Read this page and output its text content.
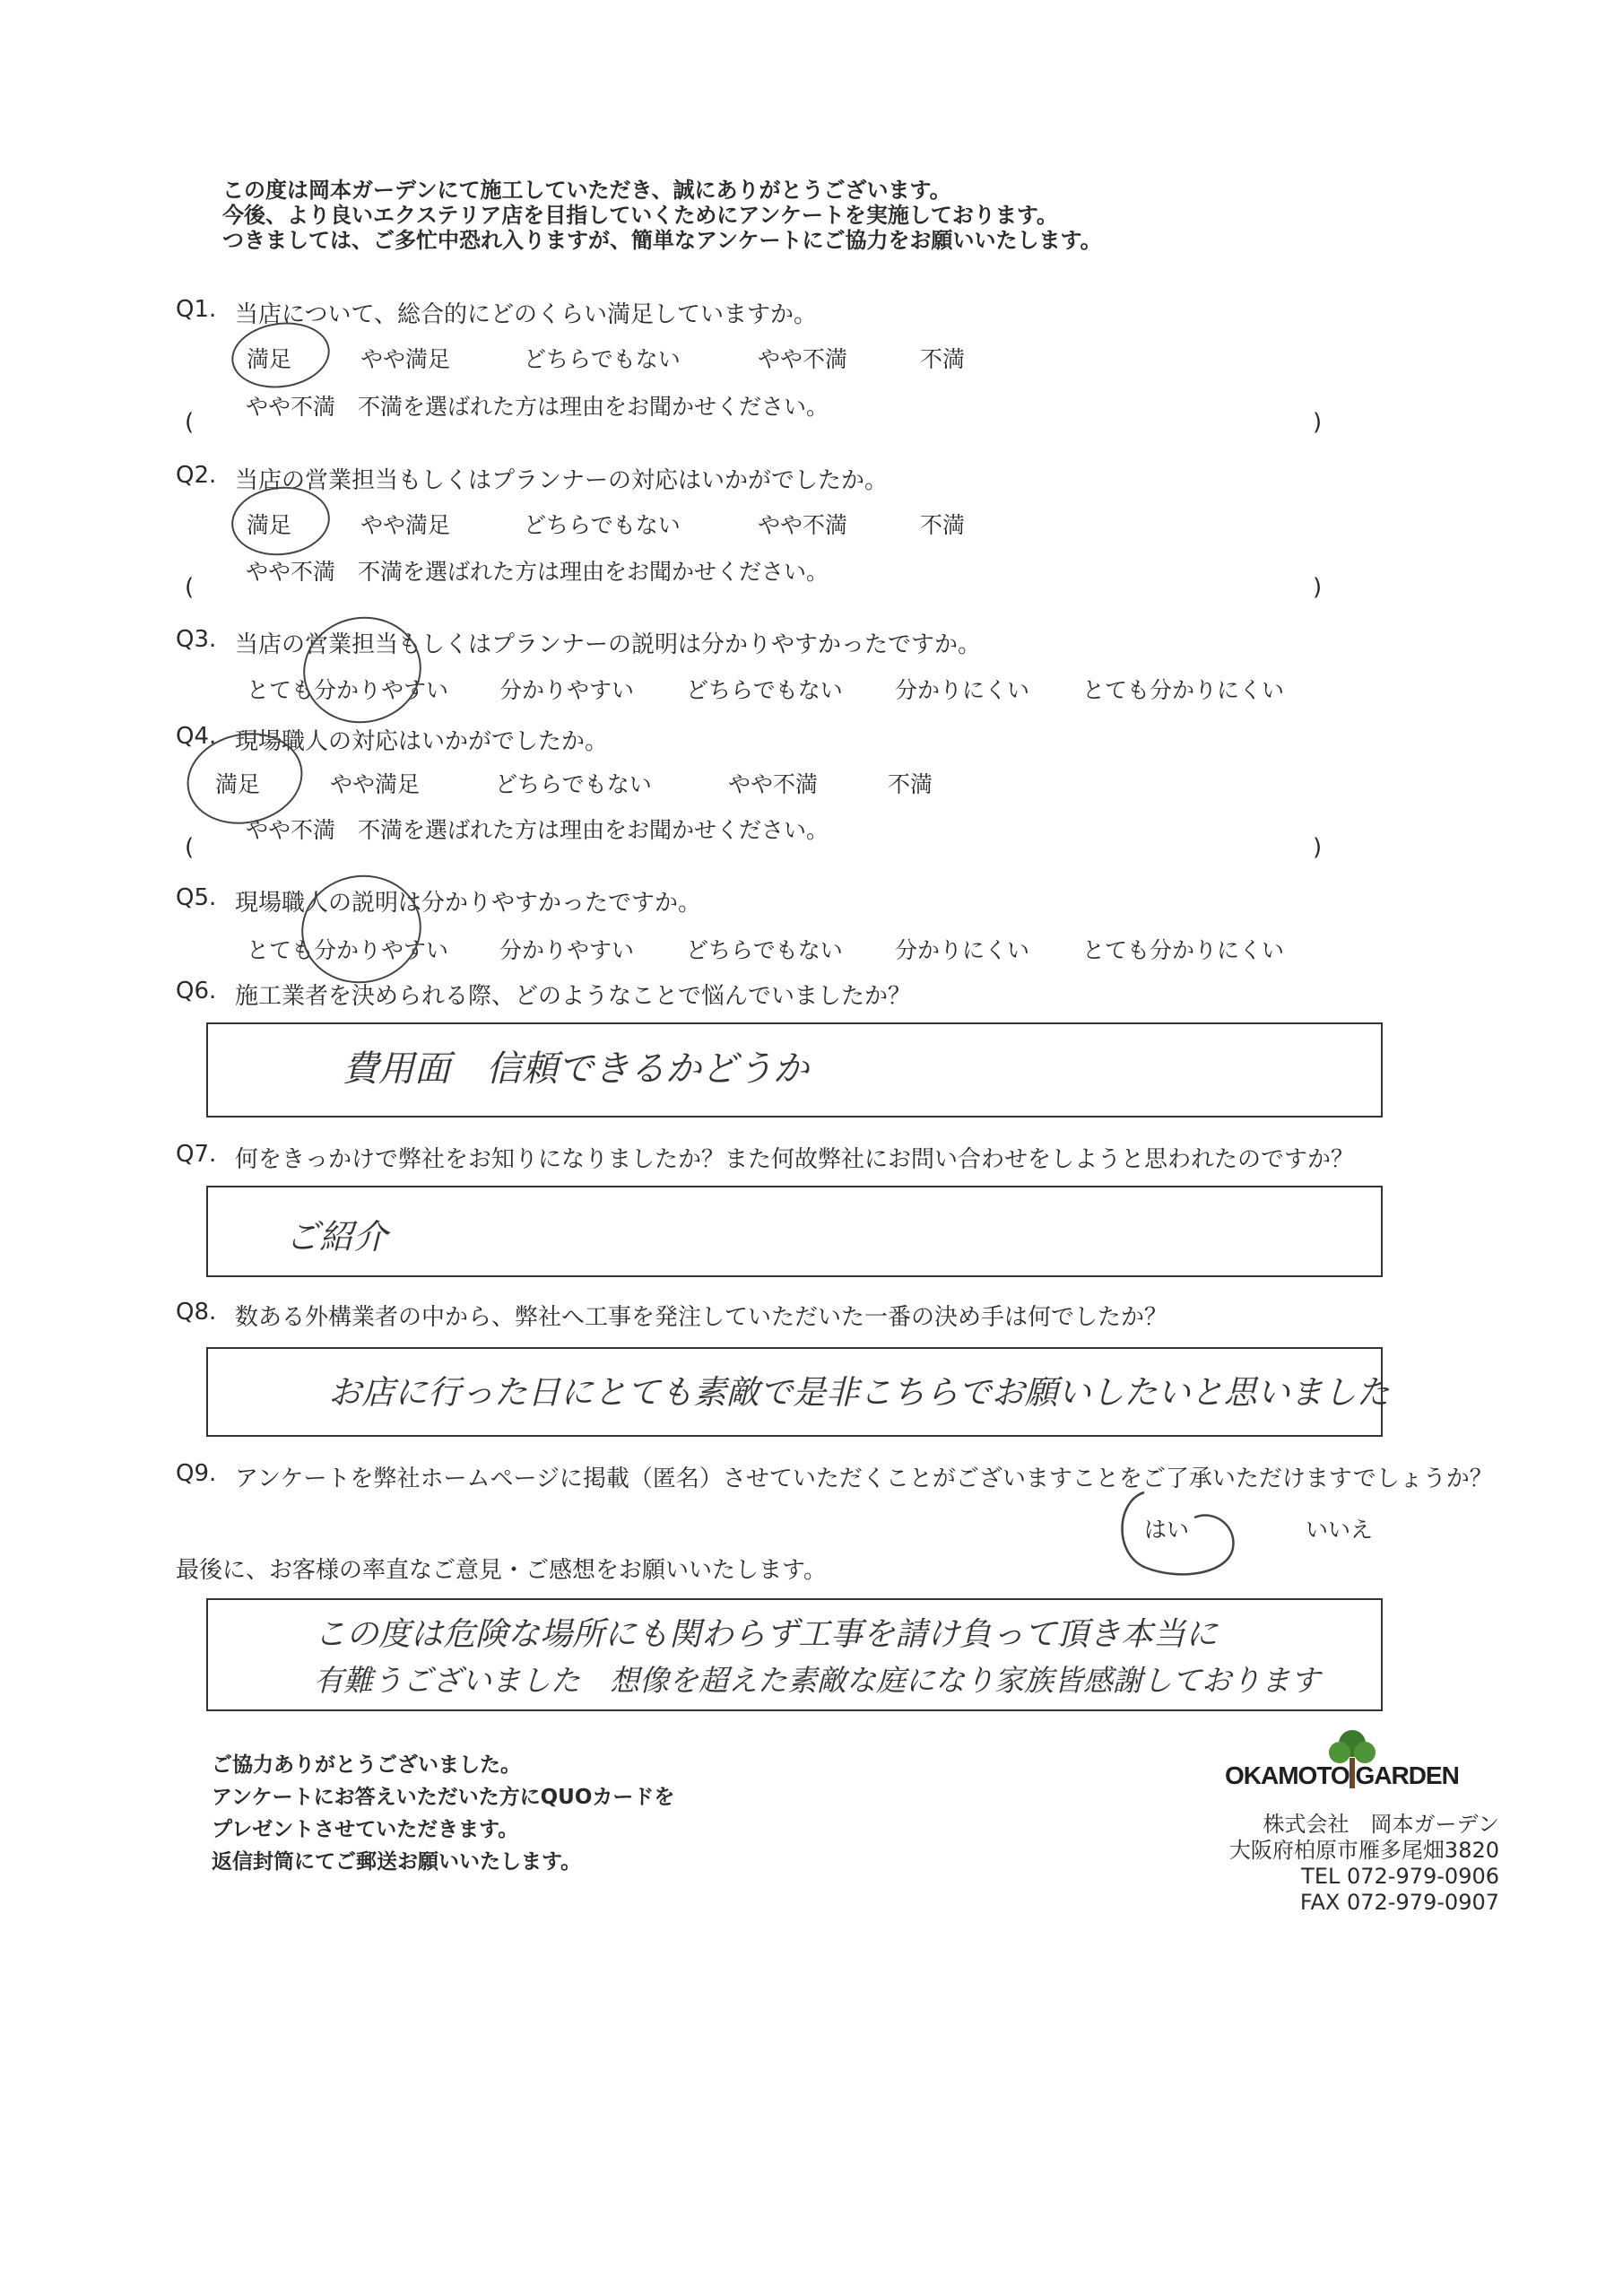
この度は岡本ガーデンにて施工していただき、誠にありがとうございます。
今後、より良いエクステリア店を目指していくためにアンケートを実施しております。
つきましては、ご多忙中恐れ入りますが、簡単なアンケートにご協力をお願いいたします。
Q1. 当店について、総合的にどのくらい満足していますか。
満足	やや満足	どちらでもない	やや不満	不満
やや不満　不満を選ばれた方は理由をお聞かせください。
(	)
Q2. 当店の営業担当もしくはプランナーの対応はいかがでしたか。
満足	やや満足	どちらでもない	やや不満	不満
やや不満　不満を選ばれた方は理由をお聞かせください。
(	)
Q3. 当店の営業担当もしくはプランナーの説明は分かりやすかったですか。
とても分かりやすい 分かりやすい どちらでもない 分かりにくい とても分かりにくい
Q4. 現場職人の対応はいかがでしたか。
満足	やや満足	どちらでもない	やや不満	不満
やや不満　不満を選ばれた方は理由をお聞かせください。
(	)
Q5. 現場職人の説明は分かりやすかったですか。
とても分かりやすい 分かりやすい どちらでもない 分かりにくい とても分かりにくい
Q6. 施工業者を決められる際、どのようなことで悩んでいましたか？
費用面　信頼できるかどうか
Q7. 何をきっかけで弊社をお知りになりましたか？また何故弊社にお問い合わせをしようと思われたのですか？
ご紹介
Q8. 数ある外構業者の中から、弊社へ工事を発注していただいた一番の決め手は何でしたか？
お店に行った日にとても素敵で是非こちらでお願いしたいと思いました
Q9. アンケートを弊社ホームページに掲載（匿名）させていただくことがございますことをご了承いただけますでしょうか？
はい	いいえ
最後に、お客様の率直なご意見・ご感想をお願いいたします。
この度は危険な場所にも関わらず工事を請け負って頂き本当に
有難うございました　想像を超えた素敵な庭になり家族皆感謝しております
ご協力ありがとうございました。
アンケートにお答えいただいた方にQUOカードを
プレゼントさせていただきます。
返信封筒にてご郵送お願いいたします。
OKAMOTO GARDEN
株式会社　岡本ガーデン
大阪府柏原市雁多尾畑3820
TEL 072-979-0906
FAX 072-979-0907
